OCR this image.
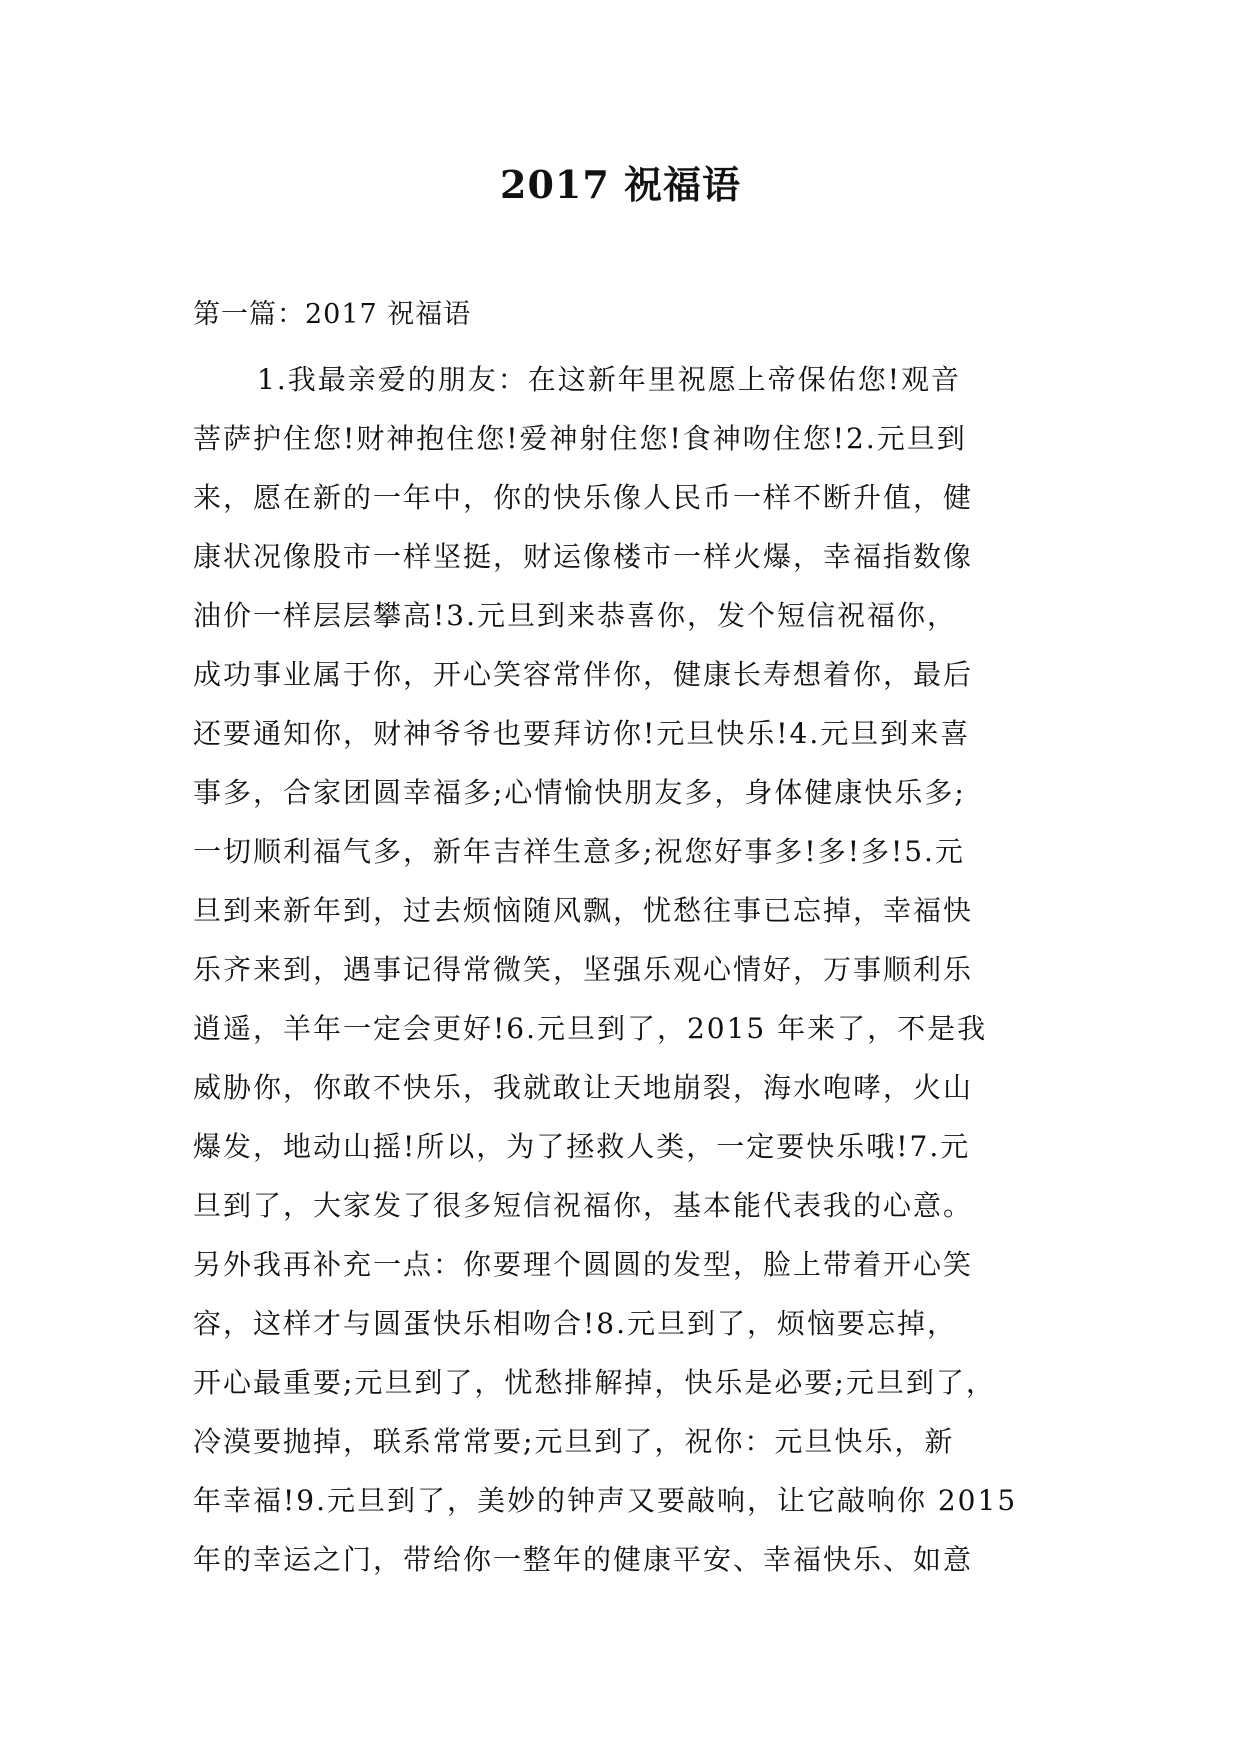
2017 祝福语
第一篇：2017 祝福语
1.我最亲爱的朋友：在这新年里祝愿上帝保佑您!观音
菩萨护住您!财神抱住您!爱神射住您!食神吻住您!2.元旦到
来，愿在新的一年中，你的快乐像人民币一样不断升值，健
康状况像股市一样坚挺，财运像楼市一样火爆，幸福指数像
油价一样层层攀高!3.元旦到来恭喜你，发个短信祝福你，
成功事业属于你，开心笑容常伴你，健康长寿想着你，最后
还要通知你，财神爷爷也要拜访你!元旦快乐!4.元旦到来喜
事多，合家团圆幸福多;心情愉快朋友多，身体健康快乐多;
一切顺利福气多，新年吉祥生意多;祝您好事多!多!多!5.元
旦到来新年到，过去烦恼随风飘，忧愁往事已忘掉，幸福快
乐齐来到，遇事记得常微笑，坚强乐观心情好，万事顺利乐
逍遥，羊年一定会更好!6.元旦到了，2015 年来了，不是我
威胁你，你敢不快乐，我就敢让天地崩裂，海水咆哮，火山
爆发，地动山摇!所以，为了拯救人类，一定要快乐哦!7.元
旦到了，大家发了很多短信祝福你，基本能代表我的心意。
另外我再补充一点：你要理个圆圆的发型，脸上带着开心笑
容，这样才与圆蛋快乐相吻合!8.元旦到了，烦恼要忘掉，
开心最重要;元旦到了，忧愁排解掉，快乐是必要;元旦到了，
冷漠要抛掉，联系常常要;元旦到了，祝你：元旦快乐，新
年幸福!9.元旦到了，美妙的钟声又要敲响，让它敲响你 2015
年的幸运之门，带给你一整年的健康平安、幸福快乐、如意
